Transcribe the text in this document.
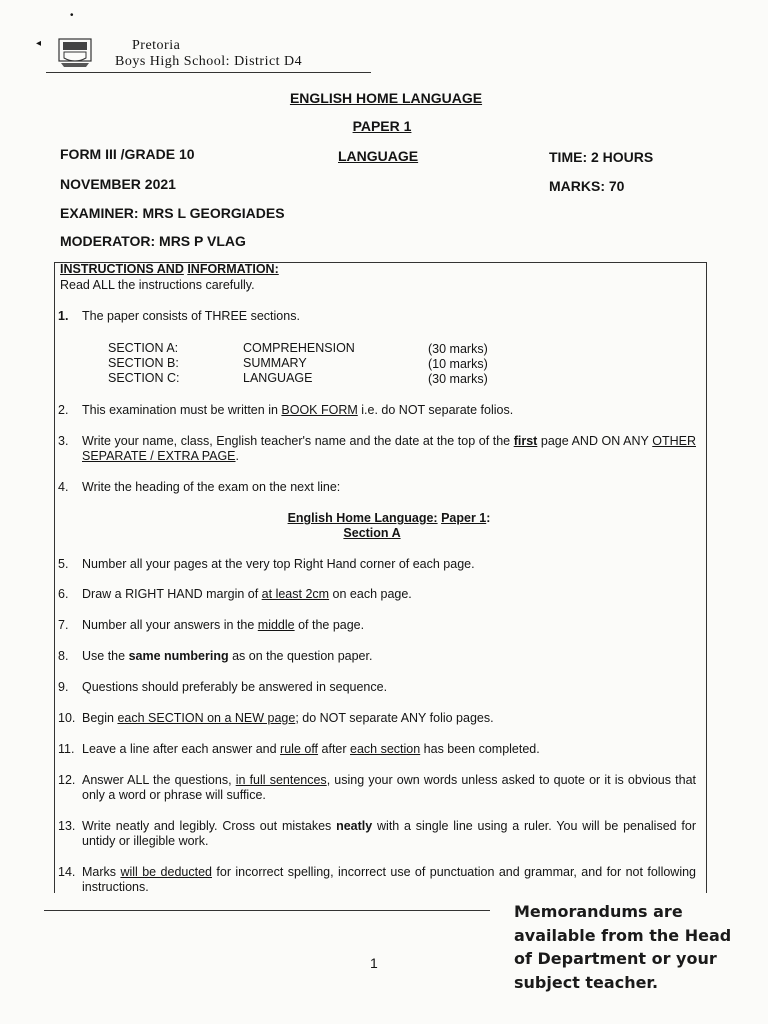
•
◂	Pretoria
Boys High School: District D4
ENGLISH HOME LANGUAGE
PAPER 1
LANGUAGE
FORM III /GRADE 10
NOVEMBER 2021
EXAMINER: MRS L GEORGIADES
MODERATOR: MRS P VLAG
TIME: 2 HOURS
MARKS: 70
INSTRUCTIONS AND INFORMATION:
Read ALL the instructions carefully.
1. The paper consists of THREE sections.
SECTION A:	COMPREHENSION	(30 marks)
SECTION B:	SUMMARY	(10 marks)
SECTION C:	LANGUAGE	(30 marks)
2. This examination must be written in BOOK FORM i.e. do NOT separate folios.
3. Write your name, class, English teacher's name and the date at the top of the first page AND ON ANY OTHER SEPARATE / EXTRA PAGE.
4. Write the heading of the exam on the next line:
English Home Language: Paper 1:
Section A
5. Number all your pages at the very top Right Hand corner of each page.
6. Draw a RIGHT HAND margin of at least 2cm on each page.
7. Number all your answers in the middle of the page.
8. Use the same numbering as on the question paper.
9. Questions should preferably be answered in sequence.
10. Begin each SECTION on a NEW page; do NOT separate ANY folio pages.
11. Leave a line after each answer and rule off after each section has been completed.
12. Answer ALL the questions, in full sentences, using your own words unless asked to quote or it is obvious that only a word or phrase will suffice.
13. Write neatly and legibly. Cross out mistakes neatly with a single line using a ruler. You will be penalised for untidy or illegible work.
14. Marks will be deducted for incorrect spelling, incorrect use of punctuation and grammar, and for not following instructions.
1
Memorandums are
available from the Head
of Department or your
subject teacher.
